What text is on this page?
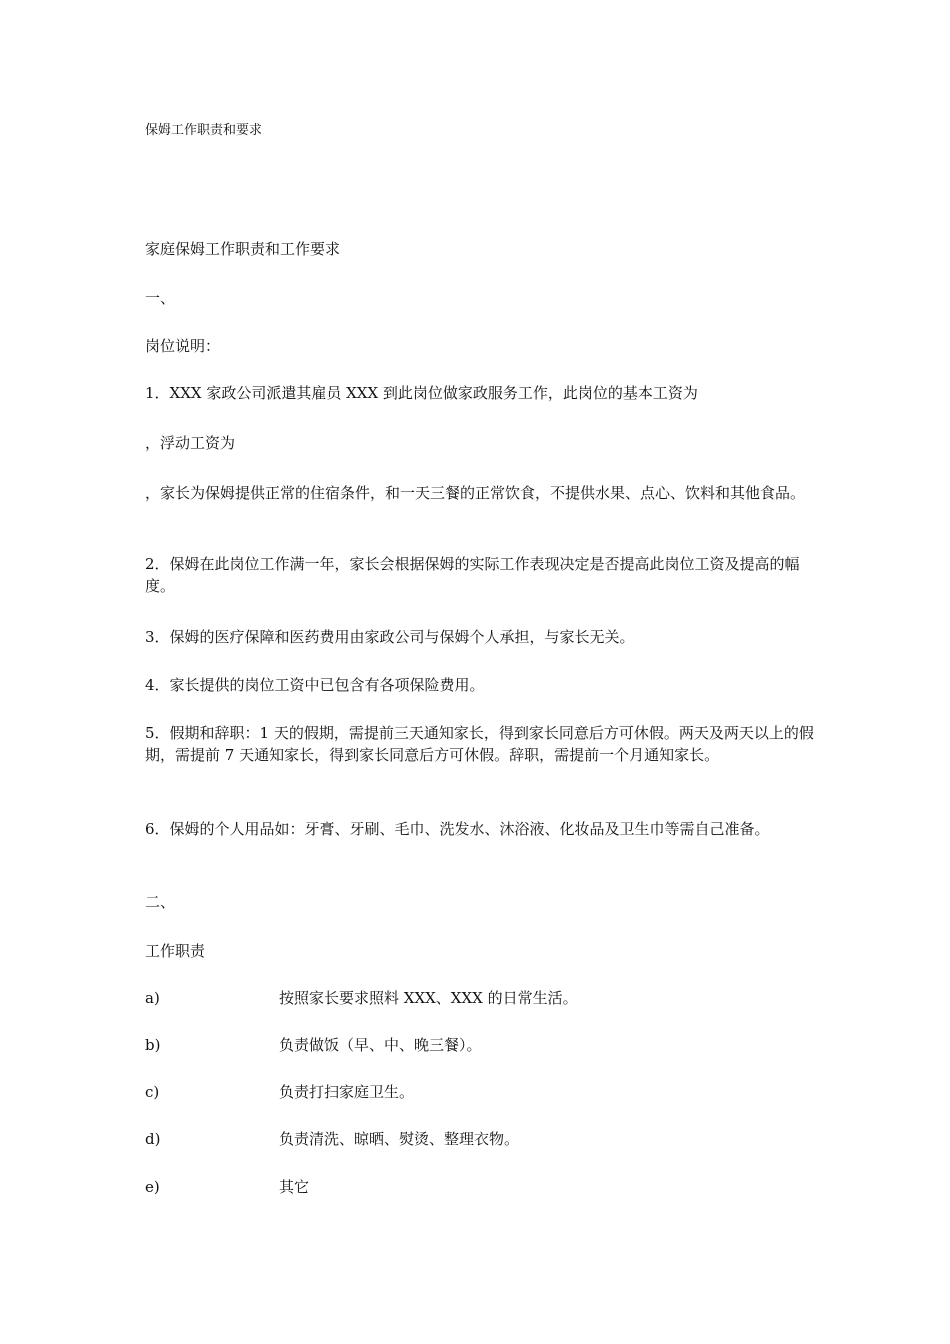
保姆工作职责和要求
家庭保姆工作职责和工作要求
一、
岗位说明：
1．XXX 家政公司派遣其雇员 XXX 到此岗位做家政服务工作，此岗位的基本工资为
，浮动工资为
，家长为保姆提供正常的住宿条件，和一天三餐的正常饮食，不提供水果、点心、饮料和其他食品。
2．保姆在此岗位工作满一年，家长会根据保姆的实际工作表现决定是否提高此岗位工资及提高的幅度。
3．保姆的医疗保障和医药费用由家政公司与保姆个人承担，与家长无关。
4．家长提供的岗位工资中已包含有各项保险费用。
5．假期和辞职：1 天的假期，需提前三天通知家长，得到家长同意后方可休假。两天及两天以上的假期，需提前 7 天通知家长，得到家长同意后方可休假。辞职，需提前一个月通知家长。
6．保姆的个人用品如：牙膏、牙刷、毛巾、洗发水、沐浴液、化妆品及卫生巾等需自己准备。
二、
工作职责
a)	按照家长要求照料 XXX、XXX 的日常生活。
b)	负责做饭（早、中、晚三餐）。
c)	负责打扫家庭卫生。
d)	负责清洗、晾晒、熨烫、整理衣物。
e)	其它
